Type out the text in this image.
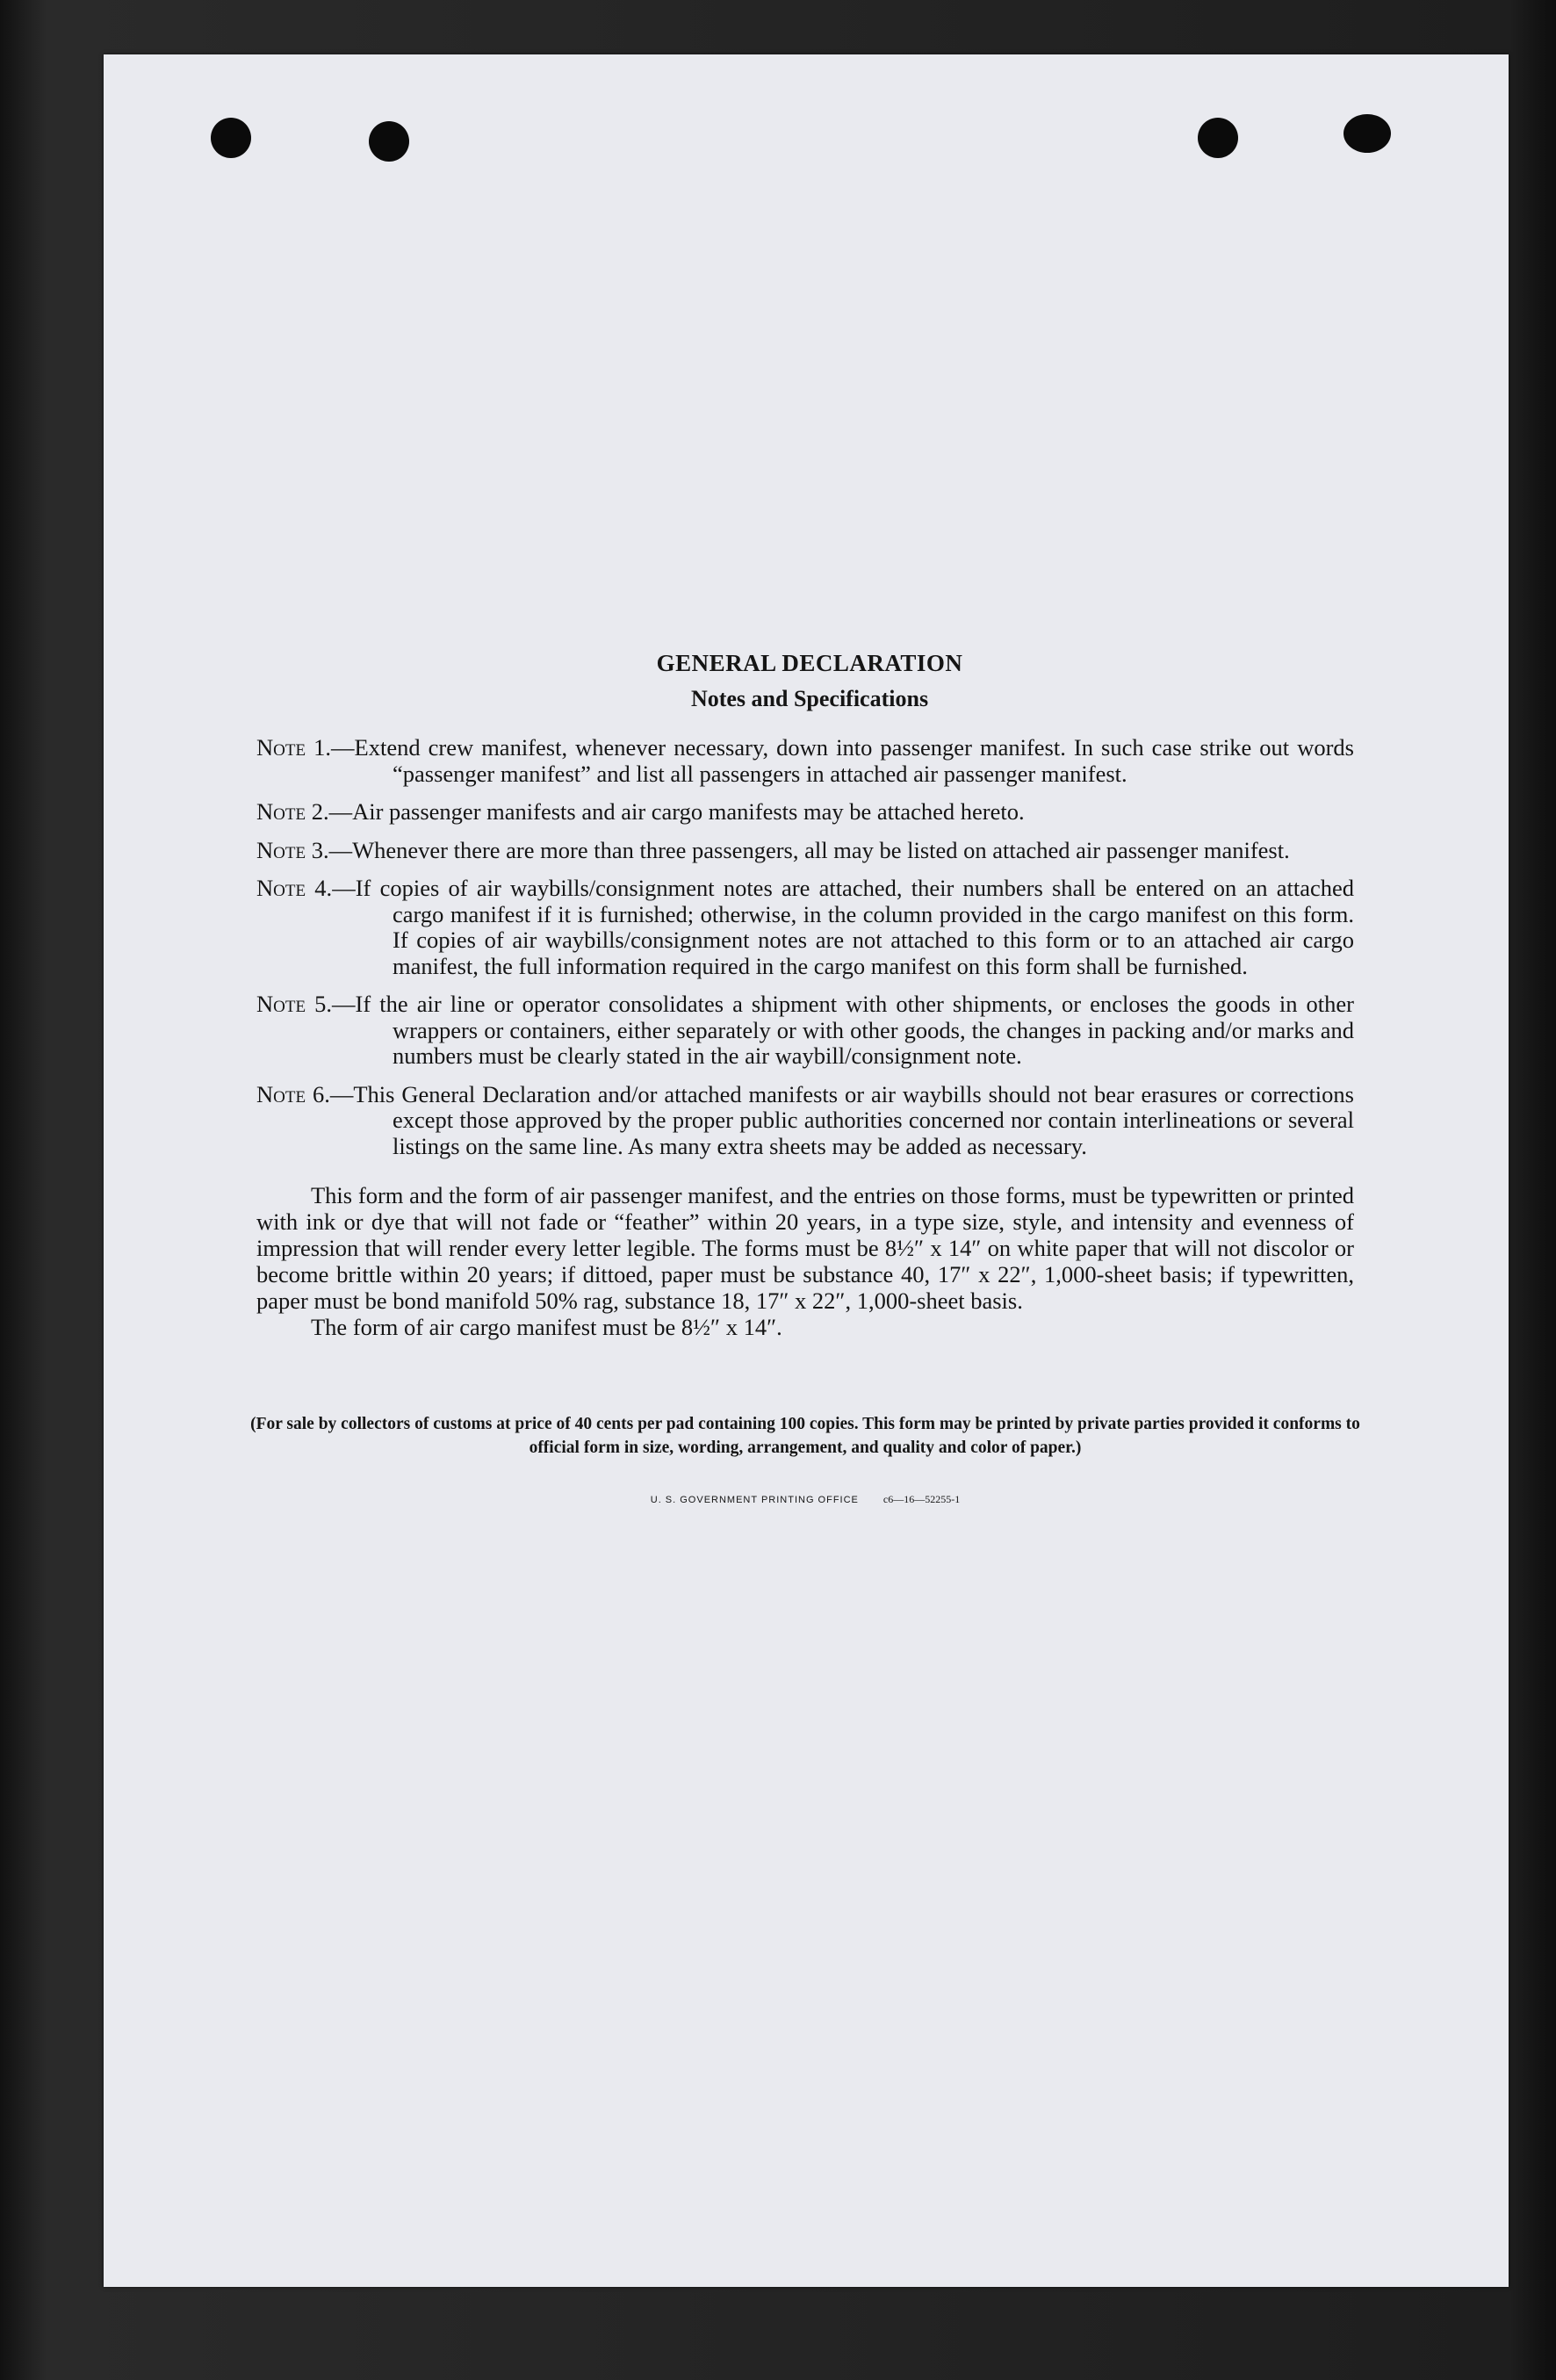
GENERAL DECLARATION
Notes and Specifications
Note 1.—Extend crew manifest, whenever necessary, down into passenger manifest. In such case strike out words “passenger manifest” and list all passengers in attached air passenger manifest.
Note 2.—Air passenger manifests and air cargo manifests may be attached hereto.
Note 3.—Whenever there are more than three passengers, all may be listed on attached air passenger manifest.
Note 4.—If copies of air waybills/consignment notes are attached, their numbers shall be entered on an attached cargo manifest if it is furnished; otherwise, in the column provided in the cargo manifest on this form. If copies of air waybills/consignment notes are not attached to this form or to an attached air cargo manifest, the full information required in the cargo manifest on this form shall be furnished.
Note 5.—If the air line or operator consolidates a shipment with other shipments, or encloses the goods in other wrappers or containers, either separately or with other goods, the changes in packing and/or marks and numbers must be clearly stated in the air waybill/consignment note.
Note 6.—This General Declaration and/or attached manifests or air waybills should not bear erasures or corrections except those approved by the proper public authorities concerned nor contain interlineations or several listings on the same line. As many extra sheets may be added as necessary.

This form and the form of air passenger manifest, and the entries on those forms, must be typewritten or printed with ink or dye that will not fade or “feather” within 20 years, in a type size, style, and intensity and evenness of impression that will render every letter legible. The forms must be 8½″ x 14″ on white paper that will not discolor or become brittle within 20 years; if dittoed, paper must be substance 40, 17″ x 22″, 1,000-sheet basis; if typewritten, paper must be bond manifold 50% rag, substance 18, 17″ x 22″, 1,000-sheet basis.

The form of air cargo manifest must be 8½″ x 14″.

(For sale by collectors of customs at price of 40 cents per pad containing 100 copies. This form may be printed by private parties provided it conforms to official form in size, wording, arrangement, and quality and color of paper.)

U. S. GOVERNMENT PRINTING OFFICE c6—16—52255-1
